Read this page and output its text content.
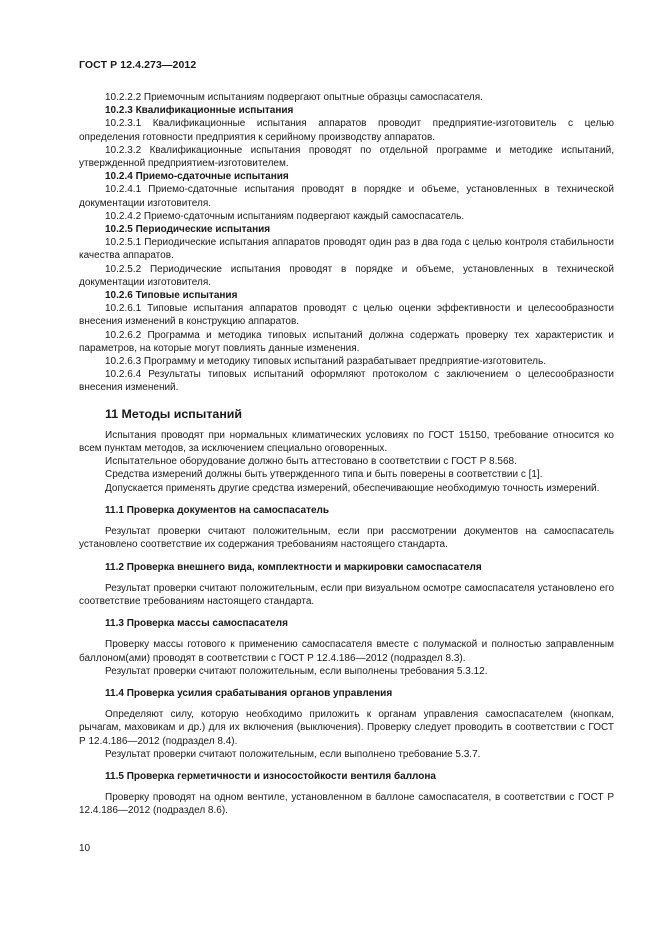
ГОСТ Р 12.4.273—2012

10.2.2.2 Приемочным испытаниям подвергают опытные образцы самоспасателя.

10.2.3 Квалификационные испытания

10.2.3.1 Квалификационные испытания аппаратов проводит предприятие-изготовитель с целью определения готовности предприятия к серийному производству аппаратов.

10.2.3.2 Квалификационные испытания проводят по отдельной программе и методике испытаний, утвержденной предприятием-изготовителем.

10.2.4 Приемо-сдаточные испытания

10.2.4.1 Приемо-сдаточные испытания проводят в порядке и объеме, установленных в технической документации изготовителя.

10.2.4.2 Приемо-сдаточным испытаниям подвергают каждый самоспасатель.

10.2.5 Периодические испытания

10.2.5.1 Периодические испытания аппаратов проводят один раз в два года с целью контроля стабильности качества аппаратов.

10.2.5.2 Периодические испытания проводят в порядке и объеме, установленных в технической документации изготовителя.

10.2.6 Типовые испытания

10.2.6.1 Типовые испытания аппаратов проводят с целью оценки эффективности и целесообразности внесения изменений в конструкцию аппаратов.

10.2.6.2 Программа и методика типовых испытаний должна содержать проверку тех характеристик и параметров, на которые могут повлиять данные изменения.

10.2.6.3 Программу и методику типовых испытаний разрабатывает предприятие-изготовитель.

10.2.6.4 Результаты типовых испытаний оформляют протоколом с заключением о целесообразности внесения изменений.

11 Методы испытаний

Испытания проводят при нормальных климатических условиях по ГОСТ 15150, требование относится ко всем пунктам методов, за исключением специально оговоренных.

Испытательное оборудование должно быть аттестовано в соответствии с ГОСТ Р 8.568.

Средства измерений должны быть утвержденного типа и быть поверены в соответствии с [1].

Допускается применять другие средства измерений, обеспечивающие необходимую точность измерений.

11.1 Проверка документов на самоспасатель

Результат проверки считают положительным, если при рассмотрении документов на самоспасатель установлено соответствие их содержания требованиям настоящего стандарта.

11.2 Проверка внешнего вида, комплектности и маркировки самоспасателя

Результат проверки считают положительным, если при визуальном осмотре самоспасателя установлено его соответствие требованиям настоящего стандарта.

11.3 Проверка массы самоспасателя

Проверку массы готового к применению самоспасателя вместе с полумаской и полностью заправленным баллоном(ами) проводят в соответствии с ГОСТ Р 12.4.186—2012 (подраздел 8.3).

Результат проверки считают положительным, если выполнены требования 5.3.12.

11.4 Проверка усилия срабатывания органов управления

Определяют силу, которую необходимо приложить к органам управления самоспасателем (кнопкам, рычагам, маховикам и др.) для их включения (выключения). Проверку следует проводить в соответствии с ГОСТ Р 12.4.186—2012 (подраздел 8.4).

Результат проверки считают положительным, если выполнено требование 5.3.7.

11.5 Проверка герметичности и износостойкости вентиля баллона

Проверку проводят на одном вентиле, установленном в баллоне самоспасателя, в соответствии с ГОСТ Р 12.4.186—2012 (подраздел 8.6).

10
